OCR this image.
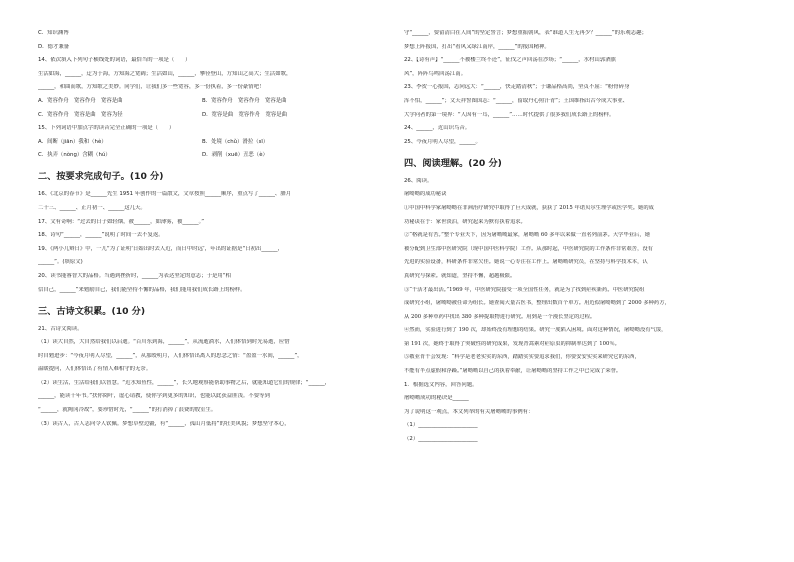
C．知识渊博
D．德才兼备
14、依次填入下列句子横线处的词语，最恰当的一项是（　　）
生活如海，______，迂为于海，方知海之宽阔；生活如山，______，攀径登山，方知山之高大；生活如歌，
______，和曲而歌，方知歌之美妙。同学们，让我们多一些宽容，多一份执着，多一份豪情吧！
A．宽容作舟　宽容作舟　宽容是曲	B．宽容作舟　宽容作舟　宽容是曲
C．宽容作舟　宽容是曲　宽容为径	D．宽容是曲　宽容作舟　宽容是曲
15、下列词语中加点字的读音完全正确的一项是（　　）
A．间断（jiān）我和（hè）	B．处境（chǔ）滑拉（sī）
C．执弄（nòng）含糊（hú）	D．剥削（xuē）丑恶（è）
二、按要求完成句子。(10 分)
16、《北京的春节》是______先生 1951 年创作的一篇散文，文章按照______顺序，重点写了______、腊月
二十三、______、正月初一、______这几天。
17、文有奇响：“过去的日子如轻烟，被______，如薄雾，被______。”
18、诗句“______，______”说明了时间一去不复返。
19、《两小儿辩日》中，一儿“为了证明‘日始出时去人近，而日中时远’，年出的证据是“日初出______，
______”。(填原文)
20、读书能睿智大的品格。当遇到挫折时，______为表达坚定的意志；于是用“相
信自己，______”来勉励自己，我们能坚持不懈的品格，我们能用我们成长路上的榜样。
三、古诗文积累。(10 分)
21、古诗文阅读。
（1）读大自然，大自然给我们以启迪。“百川东到海，______”，从流逝淌水，人们体悟到时光易逝，应惜
时自勉进步：“今夜月明人尽望，______”，从那皎明月，人们体悟出离人的思念之情：“盈盈一水间，______”，
温暖提问，人们体悟出了有情人难相守的无奈。
（2）读生活，生活给我们以智慧。“近水知鱼性，______”，长久地观察能帮助事物之后，就能知道它们的规律；“______，
______，能读千年书。”扶你阅叶，虚心请教，使你学到更多的知识，也能以此获益匪浅。不要等到
“______，就陶冈冷故”，要珍惜时光，“______”的打消掉了浪费的殷室生。
（3）读古人，古人志向令人钦佩。梦想草壁边疆，有“______，孤山月低将”的壮美风貌；梦想坚守本心，
守“______，要留清白在人间”的坚定誓言；梦想重振朝风，表“谁道人生无再少？______”的乐观志趣；
梦想上阵报国，打出“看风又绿江南岸，______”的报国精神。
22、【诗有声】“______不被楼兰终不还”，征伐之声回荡在沙场；“______，水村山郭酒旗
风”，阵阵鸟鸣回荡江南。
23、李贺一心报国，志向远大：“______，快走踏清秋”；于谦品格高尚，坚贞不屈：“粉骨碎身
浑不怕，______”；文天祥誓图国志：“______，留取丹心照汗青”；王国维指出古今成大事业、
大学问者的第一境界：“人因有一耳，______”……时代提供了很多我们成长路上的榜样。
24、______，近山识鸟音。
25、今夜月明人尽望，______。
四、阅读理解。(20 分)
26、阅读。
屠呦呦的成功秘诀
①中国中科学家屠呦呦在非洲治疗研究中取得了巨大成就，获获了 2015 年诺贝尔生理学或医学奖。她的成
功秘诀在于：家世淡泊，研究起来为默有执着追求。
②“格就是有苦。”整个专业天下，因为屠呦呦最家，屠呦呦 60 多年以来做一直名列前茅。大学毕业后，她
被分配到卫生部中医研究院（现中国中医科学院）工作。从那时起，中医研究院的工作条件非常艰苦，没有
先进的实验设备，科研条件非常欠佳。她说一心专注在工作上。屠呦呦研究员，在坚持与科学技术本，认
真研究与探索。就知道，坚持不懈，超越极限。
③“干活才最出活。”1969 年，中医研究院接受一项全国性任务，就是为了找到疟疾新药。中医研究院组
成研究小组，屠呦呦被任命为组长。她查阅大量古医书，整理出数百个单方。用近似屠呦呦到了 2000 多种药方，
从 200 多种草药中找出 380 多种提取物进行研究。用到是一个漫长坚定的过程。
④然而，实验进行到了 190 次，却始终没有理想的结果。研究一度陷入困境。面对这种情况，屠呦呦没有气馁，
第 191 次，她终于取得了突破性的研究成果，发现青蒿素对疟原虫的抑制率达到了 100％。
⑤敬业肯干会发现：“科学是老老实实的东西，踏踏实实要追求我们，你要安安实实来研究它的东西，
不能有半点虚假和浮躁。”屠呦呦以自己的执着奉献，让屠呦呦的坚持工作之中已完成了荣誉。
1．根据选文内容，回答问题。
屠呦呦成功的秘诀是______
为了说明这一观点，本文列举的有关屠呦呦的事例有：
（1）______________________
（2）______________________
